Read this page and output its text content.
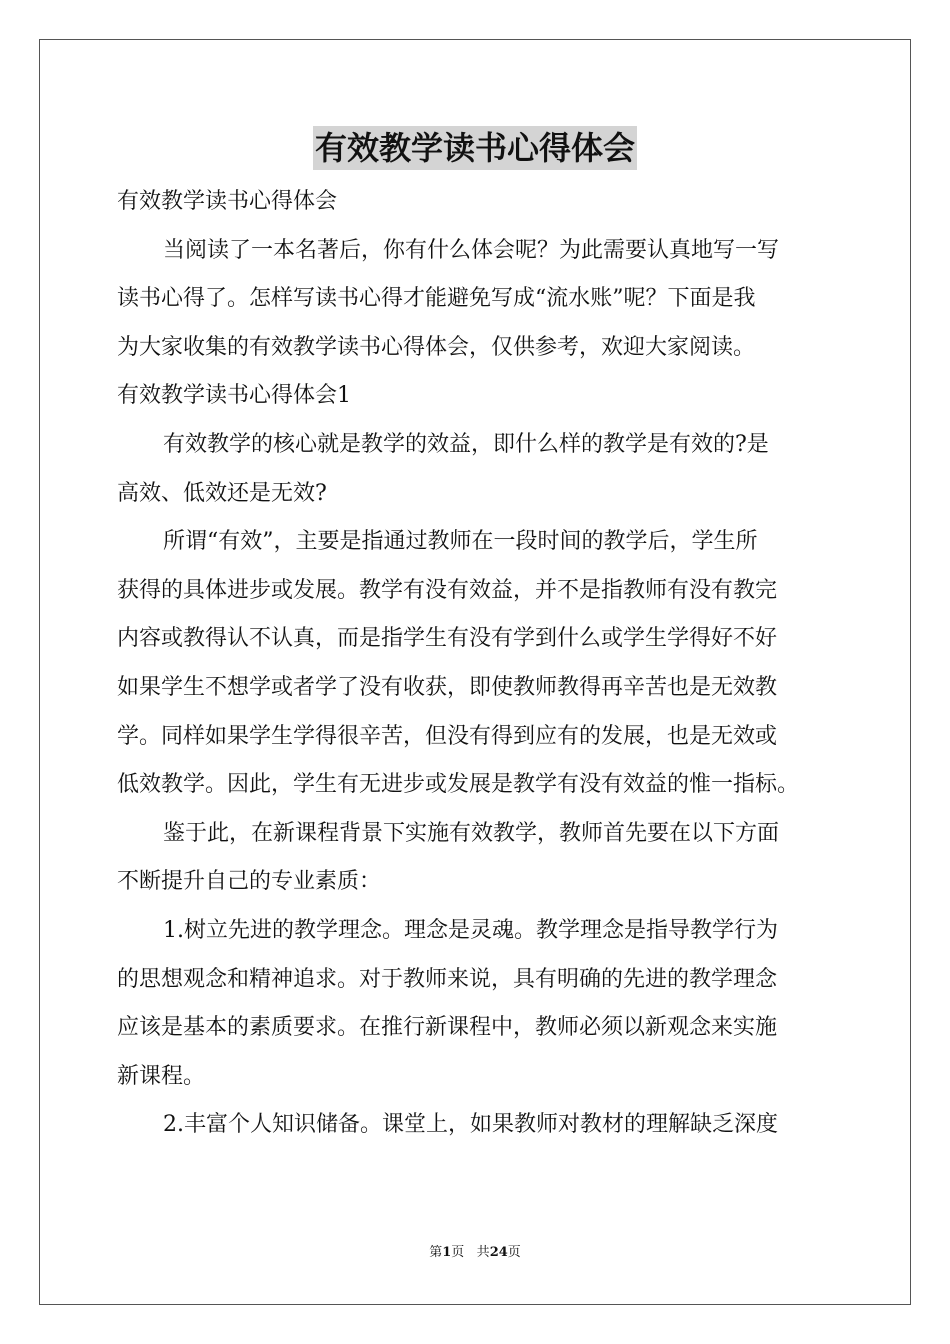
有效教学读书心得体会
有效教学读书心得体会
当阅读了一本名著后，你有什么体会呢？为此需要认真地写一写
读书心得了。怎样写读书心得才能避免写成“流水账”呢？下面是我
为大家收集的有效教学读书心得体会，仅供参考，欢迎大家阅读。
有效教学读书心得体会1
有效教学的核心就是教学的效益，即什么样的教学是有效的?是
高效、低效还是无效?
所谓“有效”，主要是指通过教师在一段时间的教学后，学生所
获得的具体进步或发展。教学有没有效益，并不是指教师有没有教完
内容或教得认不认真，而是指学生有没有学到什么或学生学得好不好
如果学生不想学或者学了没有收获，即使教师教得再辛苦也是无效教
学。同样如果学生学得很辛苦，但没有得到应有的发展，也是无效或
低效教学。因此，学生有无进步或发展是教学有没有效益的惟一指标。
鉴于此，在新课程背景下实施有效教学，教师首先要在以下方面
不断提升自己的专业素质：
1.树立先进的教学理念。理念是灵魂。教学理念是指导教学行为
的思想观念和精神追求。对于教师来说，具有明确的先进的教学理念
应该是基本的素质要求。在推行新课程中，教师必须以新观念来实施
新课程。
2.丰富个人知识储备。课堂上，如果教师对教材的理解缺乏深度
第1页 共24页
